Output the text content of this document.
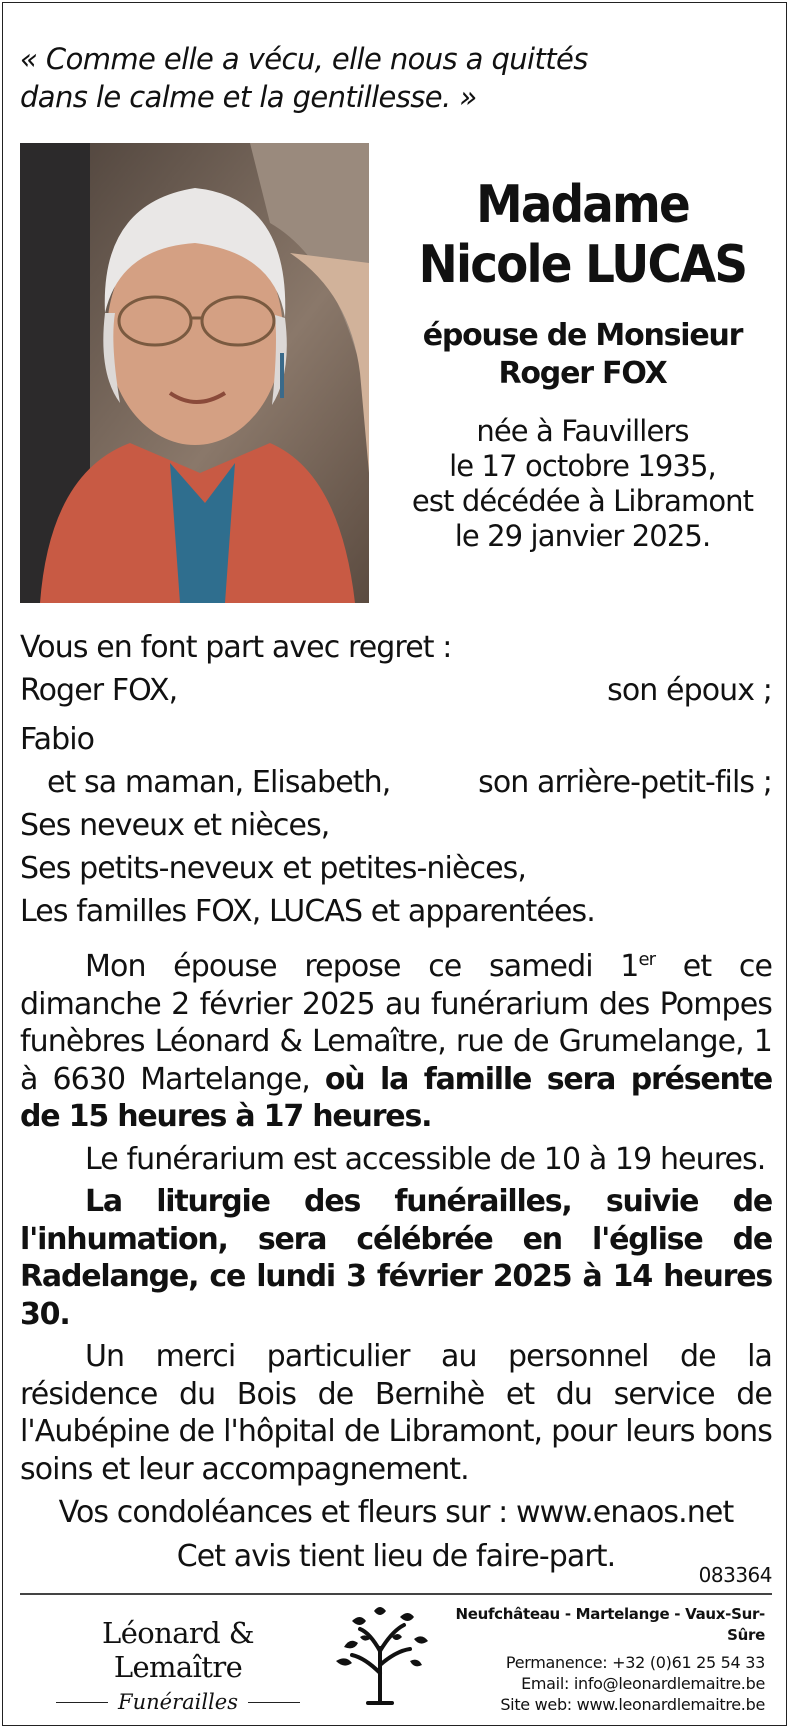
« Comme elle a vécu, elle nous a quittés
dans le calme et la gentillesse. »
Madame
Nicole LUCAS
épouse de Monsieur
Roger FOX
née à Fauvillers
le 17 octobre 1935,
est décédée à Libramont
le 29 janvier 2025.
Vous en font part avec regret :
Roger FOX,	son époux ;
Fabio
et sa maman, Elisabeth,	son arrière-petit-fils ;
Ses neveux et nièces,
Ses petits-neveux et petites-nièces,
Les familles FOX, LUCAS et apparentées.

Mon épouse repose ce samedi 1er et ce dimanche 2 février 2025 au funérarium des Pompes funèbres Léonard & Lemaître, rue de Grumelange, 1 à 6630 Martelange, où la famille sera présente de 15 heures à 17 heures.

Le funérarium est accessible de 10 à 19 heures.

La liturgie des funérailles, suivie de l'inhumation, sera célébrée en l'église de Radelange, ce lundi 3 février 2025 à 14 heures 30.

Un merci particulier au personnel de la résidence du Bois de Bernihè et du service de l'Aubépine de l'hôpital de Libramont, pour leurs bons soins et leur accompagnement.

Vos condoléances et fleurs sur : www.enaos.net

Cet avis tient lieu de faire-part.

083364
Léonard & Lemaître
Funérailles
Neufchâteau - Martelange - Vaux-Sur-Sûre
Permanence: +32 (0)61 25 54 33
Email: info@leonardlemaitre.be
Site web: www.leonardlemaitre.be
